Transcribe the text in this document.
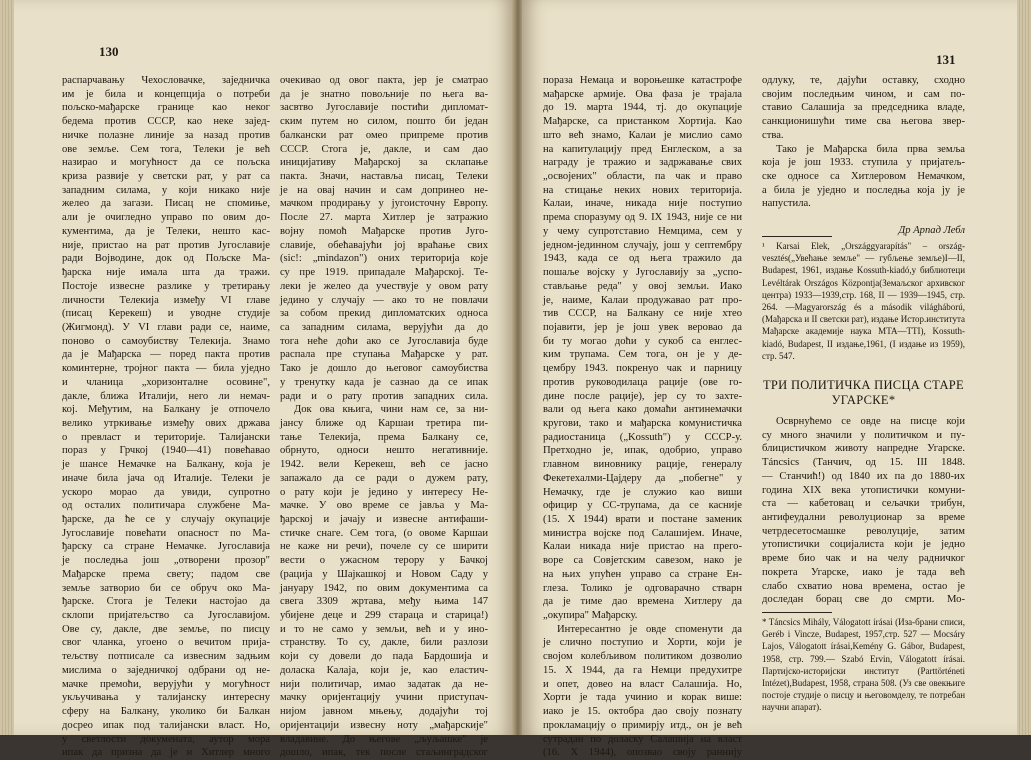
130
распарчавању Чехословачке, заједничка
им је била и концепција о потреби
пољско-мађарске границе као неког
бедема против СССР, као неке зајед-
ничке полазне линије за назад против
ове земље. Сем тога, Телеки је већ
назирао и могућност да се пољска
криза развије у светски рат, у рат са
западним силама, у који никако није
желео да загази. Писац не спомиње,
али је очигледно управо по овим до-
кументима, да је Телеки, нешто кас-
није, пристао на рат против Југославије
ради Војводине, док од Пољске Ма-
ђарска није имала шта да тражи.
Постоје извесне разлике у третирању
личности Телекија између VI главе
(писац Керекеш) и уводне студије
(Жигмонд). У VI глави ради се, наиме,
поново о самоубиству Телекија. Знамо
да је Мађарска — поред пакта против
коминтерне, тројног пакта — била уједно
и чланица „хоризонталне осовине",
дакле, ближа Италији, него ли немач-
кој. Међутим, на Балкану је отпочело
велико утркивање између ових држава
о превласт и територије. Талијански
пораз у Грчкој (1940—41) повећавао
је шансе Немачке на Балкану, која је
иначе била јача од Италије. Телеки је
ускоро морао да увиди, супротно
од осталих политичара службене Ма-
ђарске, да ће се у случају окупације
Југославије повећати опасност по Ма-
ђарску са стране Немачке. Југославија
је последња још „отворени прозор"
Мађарске према свету; падом све
земље затворио би се обруч око Ма-
ђарске. Стога је Телеки настојао да
склопи пријатељство са Југославијом.
Ове су, дакле, две земље, по писцу
свог чланка, угоено о вечитом прија-
тељству потписале са извесним задњим
мислима о заједничкој одбрани од не-
мачке премоћи, верујући у могућност
укључивања у талијанску интересну
сферу на Балкану, уколико би Балкан
досрео ипак под талијански власт. Но,
у светлости докумената, аутор мора
ипак да призна да је и Хитлер много
очекивао од овог пакта, јер је сматрао
да је знатно повољније по њега ва-
засвтво Југославије постићи дипломат-
ским путем но силом, пошто би један
балкански рат омео припреме против
СССР. Стога је, дакле, и сам дао
иницијативу Мађарској за склапање
пакта. Значи, наставља писац, Телеки
је на овај начин и сам допринео не-
мачком продирању у југоисточну Европу.
После 27. марта Хитлер је затражио
војну помоћ Мађарске против Југо-
славије, обећавајући јој враћање свих
(sic!: „mindazon") оних територија које
су пре 1919. припадале Мађарској. Те-
леки је желео да учествује у овом рату
једино у случају — ако то не повлачи
за собом прекид дипломатских односа
са западним силама, верујући да до
тога неће доћи ако се Југославија буде
распала пре ступања Мађарске у рат.
Тако је дошло до његовог самоубиства
у тренутку када је сазнао да се ипак
ради и о рату против западних сила.
Док ова књига, чини нам се, за ни-
јансу ближе од Каршаи третира пи-
тање Телекија, према Балкану се,
обрнуто, односи нешто негативније.
1942. вели Керекеш, већ се јасно
запажало да се ради о дужем рату,
о рату који је једино у интересу Не-
мачке. У ово време се јавља у Ма-
ђарској и јачају и извесне антифаши-
стичке снаге. Сем тога, (о овоме Каршаи
не каже ни речи), почеле су се ширити
вести о ужасном терору у Бачкој
(рација у Шајкашкој и Новом Саду у
јануару 1942, по овим документима са
свега 3309 жртава, међу њима 147
убијене деце и 299 стараца и старица!)
и то не само у земљи, већ и у ино-
странству. То су, дакле, били разлози
који су довели до пада Бардошија и
доласка Калаја, који је, као еластич-
нији политичар, имао задатак да не-
мачку оријентацију учини приступач-
нијом јавном мњењу, додајући тој
оријентацији извесну ноту „мађарскије"
владавине. До његове „љуљашке" је
дошло, ипак, тек после стаљинградског
131
пораза Немаца и вороњешке катастрофе
мађарске армије. Ова фаза је трајала
до 19. марта 1944, тј. до окупације
Мађарске, са пристанком Хортија. Као
што већ знамо, Калаи је мислио само
на капитулацију пред Енглеском, а за
награду је тражио и задржавање свих
„освојених" области, па чак и право
на стицање неких нових територија.
Калаи, иначе, никада није поступио
према споразуму од 9. IX 1943, није се ни
у чему супротставио Немцима, сем у
једном-јединном случају, још у септембру
1943, када се од њега тражило да
пошаље војску у Југославију за „успо-
стављање реда" у овој земљи. Иако
је, наиме, Калаи продужавао рат про-
тив СССР, на Балкану се није хтео
појавити, јер је још увек веровао да
би ту могао доћи у сукоб са енглес-
ким трупама. Сем тога, он је у де-
цембру 1943. покренуо чак и парницу
против руководилаца рације (ове го-
дине после рације), јер су то захте-
вали од њега како домаћи антинемачки
кругови, тако и мађарска комунистичка
радиостаница („Kossuth") у СССР-у.
Претходно је, ипак, одобрио, управо
главном виновнику рације, генералу
Фекетехалми-Цајдеру да „побегне" у
Немачку, где је служио као виши
официр у СС-трупама, да се касније
(15. X 1944) врати и постане заменик
министра војске под Салашијем. Иначе,
Калаи никада није пристао на прего-
воре са Совјетским савезом, нако је
на њих упућен управо са стране Ен-
глеза. Толико је одговарачно стварн
да је тиме дао времена Хитлеру да
„окупира" Мађарску.
Интересантно је овде споменути да
је слично поступио и Хорти, који је
својом колебљивом политиком дозволио
15. X 1944, да га Немци предухитре
и опет, довео на власт Салашија. Но,
Хорти је тада учинио и корак више:
иако је 15. октобра дао своју познату
прокламацију о примирју итд., он је већ
сутрадан по доласку Салашија на власт
(16. X 1944), опозвао своју раннију
одлуку, те, дајући оставку, сходно
својим последњим чином, и сам по-
ставио Салашија за председника владе,
санкционишући тиме сва његова звер-
ства.
Тако је Мађарска била прва земља
која је још 1933. ступила у пријатељ-
ске односе са Хитлеровом Немачком,
а била је уједно и последња која ју је
напустила.
Др Арпад Лебл
¹ Karsai Elek, „Országgyarapítás" – ország-vesztés(„Увећање земље" — губљење земље)I—II, Budapest, 1961, издање Kossuth-kiadó,у библиотеци Levéltárak Országos Központja(Земаљског архивског центра) 1933—1939,стр. 168, II — 1939—1945, стр. 264. —Magyarország és a második világháború,(Мађарска и II светски рат), издање Истор.института Мађарске академије наука MTA—TTI), Kossuth-kiadó, Budapest, II издање,1961, (I издање из 1959), стр. 547.
ТРИ ПОЛИТИЧКА ПИСЦА СТАРЕ
УГАРСКЕ*
Осврнућемо се овде на писце који
су много значили у политичком и пу-
блицистичком животу напредне Угарске.
Táncsics (Танчич, од 15. III 1848.
— Станчић!) од 1840 их па до 1880-их
година XIX века утопистички комуни-
ста — кабетовац и сељачки трибун,
антифеудални револуционар за време
четрдесетосмашке револуције, затим
утопистички социјалиста који је једно
време био чак и на челу радничког
покрета Угарске, иако је тада већ
слабо схватио нова времена, остао је
доследан борац све до смрти. Мо-
* Táncsics Mihály, Válogatott írásai (Иза-брани списи, Geréb і Vincze, Budapest, 1957,стр. 527 — Mocsáry Lajos, Válogatott írásai,Kemény G. Gábor, Budapest, 1958, стр. 799.— Szabó Ervin, Válogatott írásai. Партијско-историјски институт (Parttörténeti Intézet),Budapest, 1958, страна 508. (Уз све овекњиге постоје студије о писцу и његовомделу, те потребан научни апарат).
